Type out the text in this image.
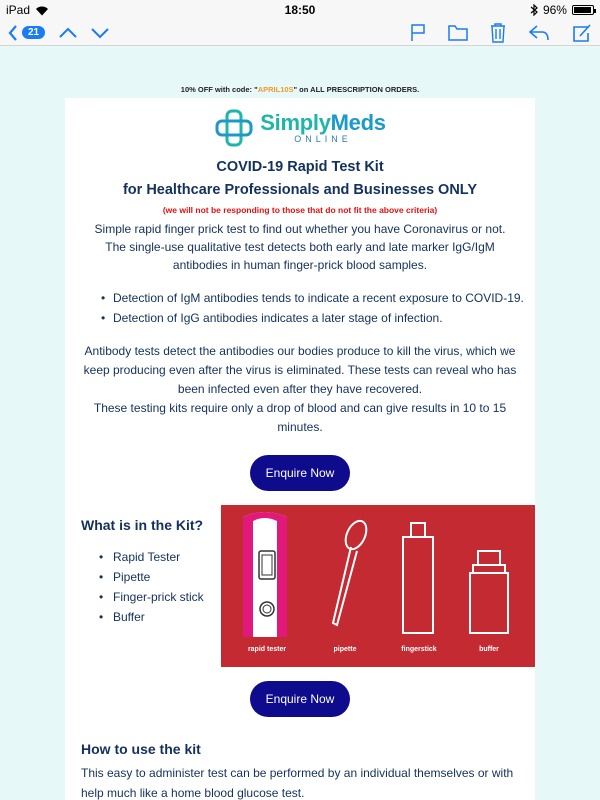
iPad	18:50	96%
21
10% OFF with code: "APRIL10S" on ALL PRESCRIPTION ORDERS.
SimplyMeds
ONLINE
COVID-19 Rapid Test Kit
for Healthcare Professionals and Businesses ONLY
(we will not be responding to those that do not fit the above criteria)
Simple rapid finger prick test to find out whether you have Coronavirus or not.
The single-use qualitative test detects both early and late marker IgG/IgM antibodies in human finger-prick blood samples.
• Detection of IgM antibodies tends to indicate a recent exposure to COVID-19.
• Detection of IgG antibodies indicates a later stage of infection.
Antibody tests detect the antibodies our bodies produce to kill the virus, which we keep producing even after the virus is eliminated. These tests can reveal who has been infected even after they have recovered.
These testing kits require only a drop of blood and can give results in 10 to 15 minutes.
Enquire Now
What is in the Kit?
• Rapid Tester
• Pipette
• Finger-prick stick
• Buffer
rapid tester	pipette	fingerstick	buffer
Enquire Now
How to use the kit
This easy to administer test can be performed by an individual themselves or with help much like a home blood glucose test.
